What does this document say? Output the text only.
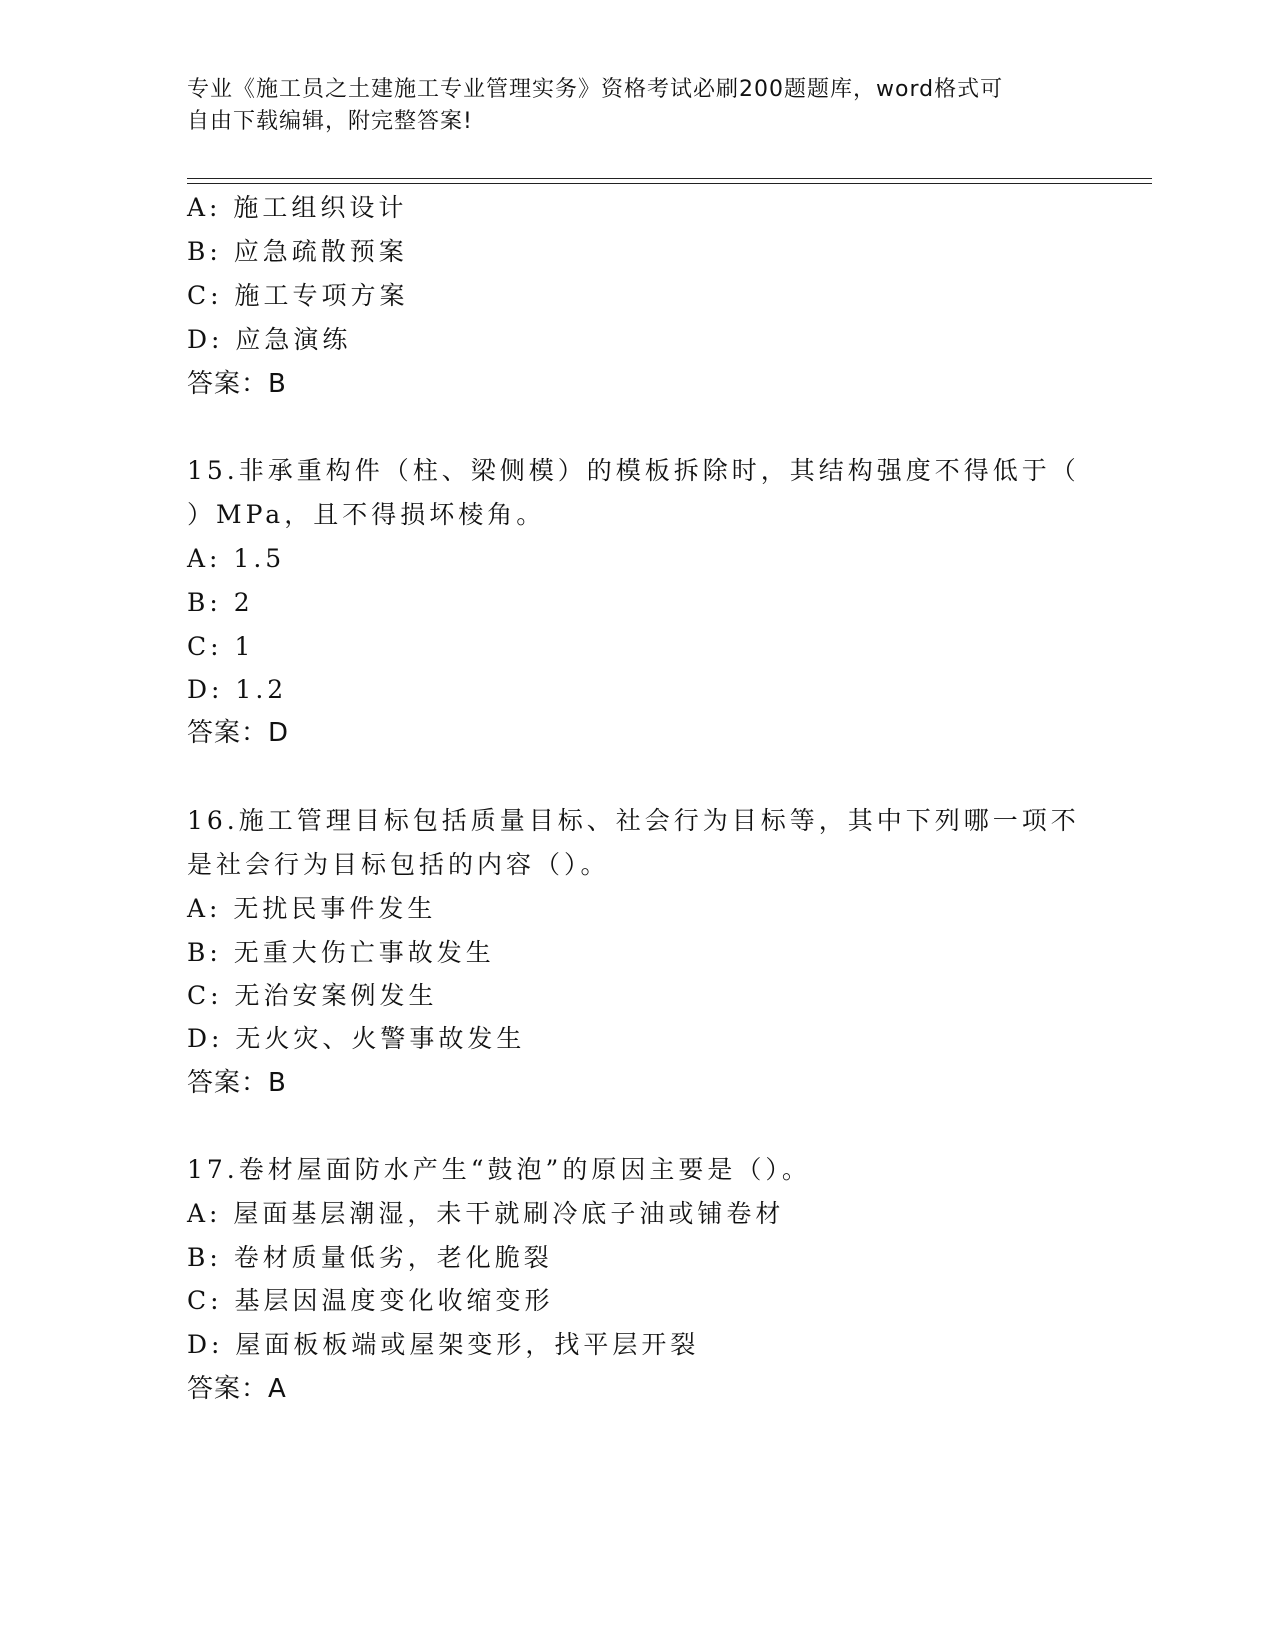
专业《施工员之土建施工专业管理实务》资格考试必刷200题题库，word格式可
自由下载编辑，附完整答案!
A: 施工组织设计
B: 应急疏散预案
C: 施工专项方案
D: 应急演练
答案：B
15.非承重构件（柱、梁侧模）的模板拆除时，其结构强度不得低于（
）MPa，且不得损坏棱角。
A: 1.5
B: 2
C: 1
D: 1.2
答案：D
16.施工管理目标包括质量目标、社会行为目标等，其中下列哪一项不
是社会行为目标包括的内容（）。
A: 无扰民事件发生
B: 无重大伤亡事故发生
C: 无治安案例发生
D: 无火灾、火警事故发生
答案：B
17.卷材屋面防水产生“鼓泡”的原因主要是（）。
A: 屋面基层潮湿，未干就刷冷底子油或铺卷材
B: 卷材质量低劣，老化脆裂
C: 基层因温度变化收缩变形
D: 屋面板板端或屋架变形，找平层开裂
答案：A
